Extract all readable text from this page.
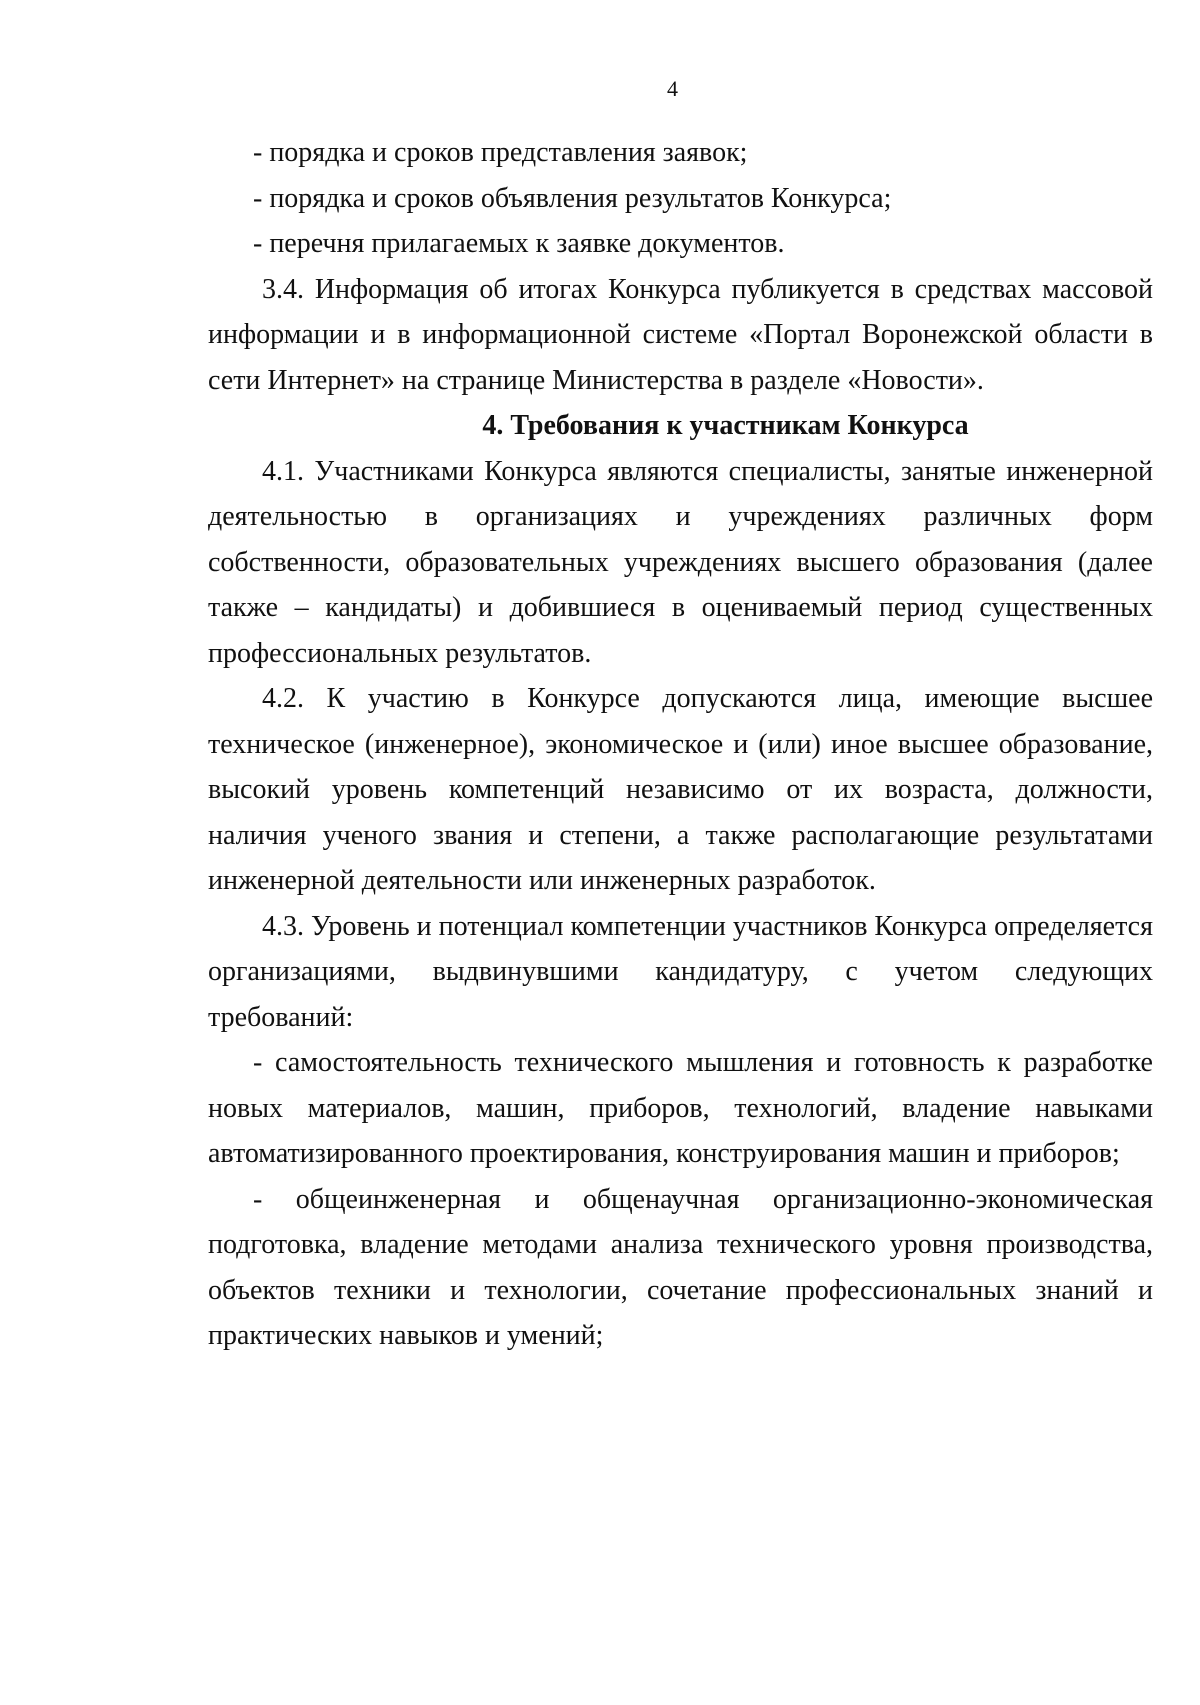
4

- порядка и сроков представления заявок;

- порядка и сроков объявления результатов Конкурса;

- перечня прилагаемых к заявке документов.

3.4. Информация об итогах Конкурса публикуется в средствах массовой информации и в информационной системе «Портал Воронежской области в сети Интернет» на странице Министерства в разделе «Новости».

4. Требования к участникам Конкурса

4.1. Участниками Конкурса являются специалисты, занятые инженерной деятельностью в организациях и учреждениях различных форм собственности, образовательных учреждениях высшего образования (далее также – кандидаты) и добившиеся в оцениваемый период существенных профессиональных результатов.

4.2. К участию в Конкурсе допускаются лица, имеющие высшее техническое (инженерное), экономическое и (или) иное высшее образование, высокий уровень компетенций независимо от их возраста, должности, наличия ученого звания и степени, а также располагающие результатами инженерной деятельности или инженерных разработок.

4.3. Уровень и потенциал компетенции участников Конкурса определяется организациями, выдвинувшими кандидатуру, с учетом следующих требований:

- самостоятельность технического мышления и готовность к разработке новых материалов, машин, приборов, технологий, владение навыками автоматизированного проектирования, конструирования машин и приборов;

- общеинженерная и общенаучная организационно-экономическая подготовка, владение методами анализа технического уровня производства, объектов техники и технологии, сочетание профессиональных знаний и практических навыков и умений;
